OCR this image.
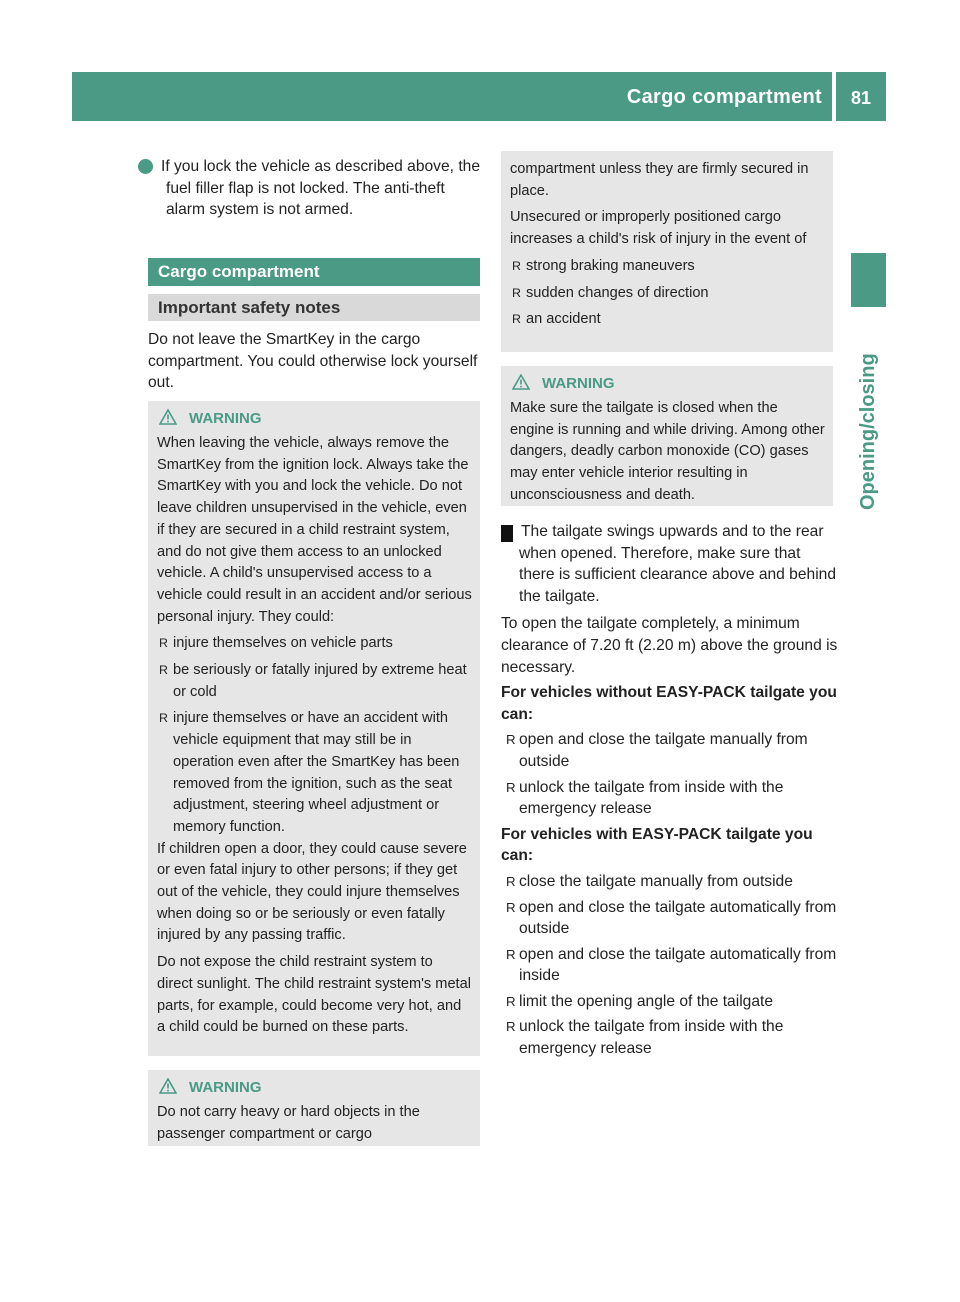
Cargo compartment	81
Opening/closing

i If you lock the vehicle as described above, the fuel filler flap is not locked. The anti-theft alarm system is not armed.

Cargo compartment
Important safety notes

Do not leave the SmartKey in the cargo compartment. You could otherwise lock yourself out.

WARNING

When leaving the vehicle, always remove the SmartKey from the ignition lock. Always take the SmartKey with you and lock the vehicle. Do not leave children unsupervised in the vehicle, even if they are secured in a child restraint system, and do not give them access to an unlocked vehicle. A child's unsupervised access to a vehicle could result in an accident and/or serious personal injury. They could:

R injure themselves on vehicle parts

R be seriously or fatally injured by extreme heat or cold

R injure themselves or have an accident with vehicle equipment that may still be in operation even after the SmartKey has been removed from the ignition, such as the seat adjustment, steering wheel adjustment or memory function.

If children open a door, they could cause severe or even fatal injury to other persons; if they get out of the vehicle, they could injure themselves when doing so or be seriously or even fatally injured by any passing traffic.

Do not expose the child restraint system to direct sunlight. The child restraint system's metal parts, for example, could become very hot, and a child could be burned on these parts.

WARNING

Do not carry heavy or hard objects in the passenger compartment or cargo

compartment unless they are firmly secured in place.

Unsecured or improperly positioned cargo increases a child's risk of injury in the event of

R strong braking maneuvers

R sudden changes of direction

R an accident

WARNING

Make sure the tailgate is closed when the engine is running and while driving. Among other dangers, deadly carbon monoxide (CO) gases may enter vehicle interior resulting in unconsciousness and death.

! The tailgate swings upwards and to the rear when opened. Therefore, make sure that there is sufficient clearance above and behind the tailgate.

To open the tailgate completely, a minimum clearance of 7.20 ft (2.20 m) above the ground is necessary.

For vehicles without EASY-PACK tailgate you can:

R open and close the tailgate manually from outside

R unlock the tailgate from inside with the emergency release

For vehicles with EASY-PACK tailgate you can:

R close the tailgate manually from outside

R open and close the tailgate automatically from outside

R open and close the tailgate automatically from inside

R limit the opening angle of the tailgate

R unlock the tailgate from inside with the emergency release
